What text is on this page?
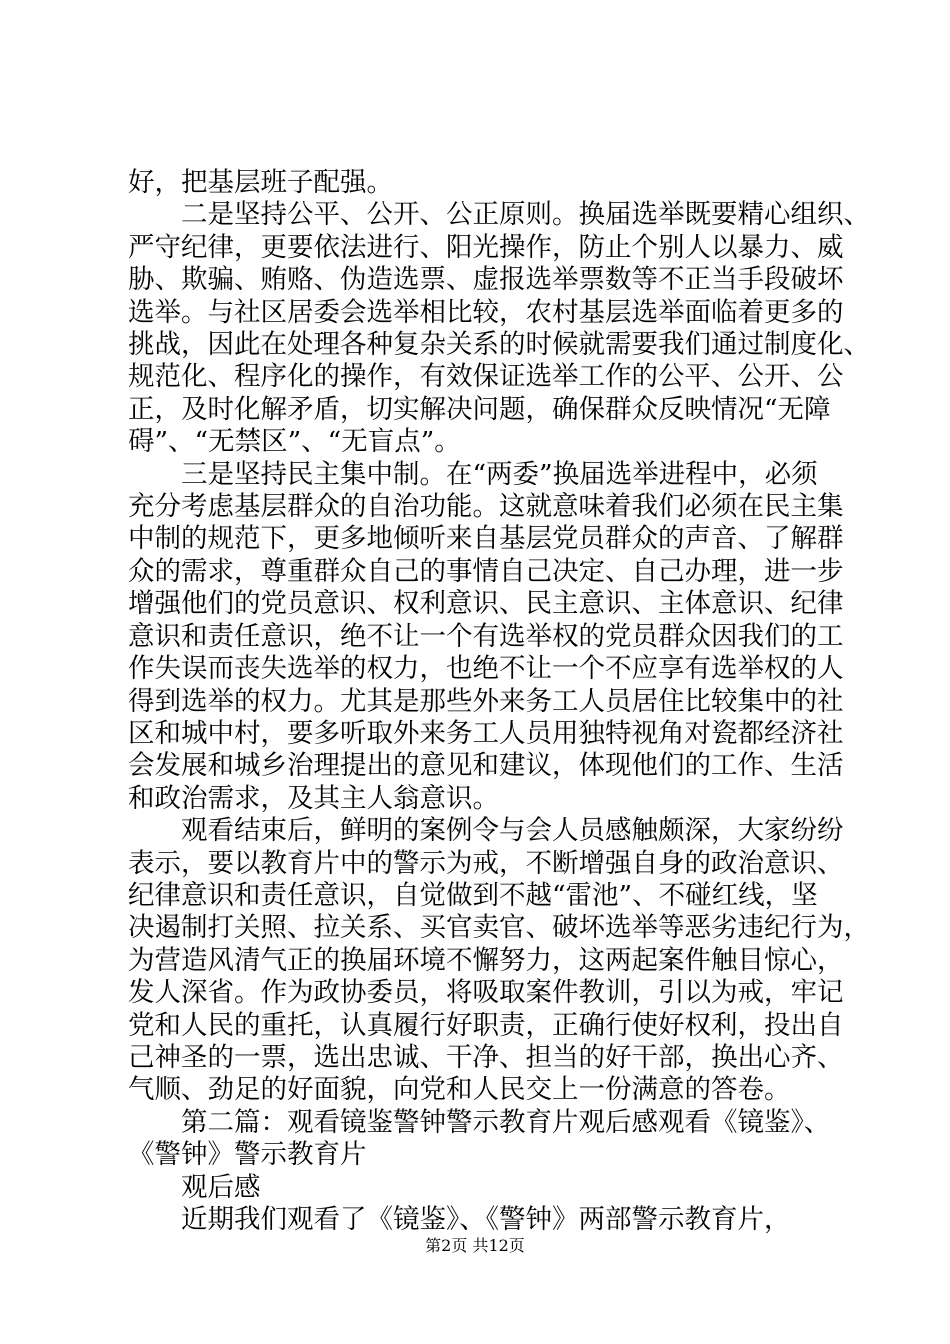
好，把基层班子配强。
　　二是坚持公平、公开、公正原则。换届选举既要精心组织、
严守纪律，更要依法进行、阳光操作，防止个别人以暴力、威
胁、欺骗、贿赂、伪造选票、虚报选举票数等不正当手段破坏
选举。与社区居委会选举相比较，农村基层选举面临着更多的
挑战，因此在处理各种复杂关系的时候就需要我们通过制度化、
规范化、程序化的操作，有效保证选举工作的公平、公开、公
正，及时化解矛盾，切实解决问题，确保群众反映情况“无障
碍”、“无禁区”、“无盲点”。
　　三是坚持民主集中制。在“两委”换届选举进程中，必须
充分考虑基层群众的自治功能。这就意味着我们必须在民主集
中制的规范下，更多地倾听来自基层党员群众的声音、了解群
众的需求，尊重群众自己的事情自己决定、自己办理，进一步
增强他们的党员意识、权利意识、民主意识、主体意识、纪律
意识和责任意识，绝不让一个有选举权的党员群众因我们的工
作失误而丧失选举的权力，也绝不让一个不应享有选举权的人
得到选举的权力。尤其是那些外来务工人员居住比较集中的社
区和城中村，要多听取外来务工人员用独特视角对瓷都经济社
会发展和城乡治理提出的意见和建议，体现他们的工作、生活
和政治需求，及其主人翁意识。
　　观看结束后，鲜明的案例令与会人员感触颇深，大家纷纷
表示，要以教育片中的警示为戒，不断增强自身的政治意识、
纪律意识和责任意识，自觉做到不越“雷池”、不碰红线，坚
决遏制打关照、拉关系、买官卖官、破坏选举等恶劣违纪行为，
为营造风清气正的换届环境不懈努力，这两起案件触目惊心，
发人深省。作为政协委员，将吸取案件教训，引以为戒，牢记
党和人民的重托，认真履行好职责，正确行使好权利，投出自
己神圣的一票，选出忠诚、干净、担当的好干部，换出心齐、
气顺、劲足的好面貌，向党和人民交上一份满意的答卷。
　　第二篇：观看镜鉴警钟警示教育片观后感观看《镜鉴》、
《警钟》警示教育片
　　观后感
　　近期我们观看了《镜鉴》、《警钟》两部警示教育片，
第2页 共12页
